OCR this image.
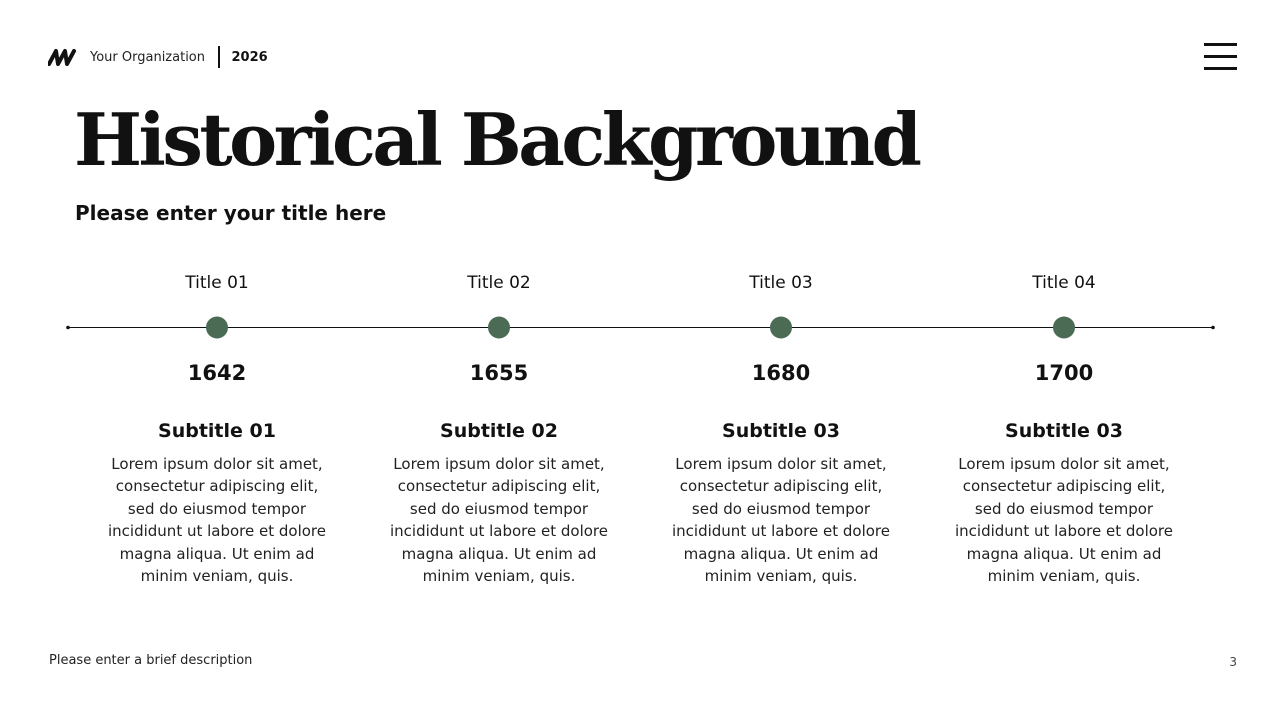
Your Organization 2026
Historical Background
Please enter your title here
Title 01
1642
Subtitle 01
Lorem ipsum dolor sit amet, consectetur adipiscing elit, sed do eiusmod tempor incididunt ut labore et dolore magna aliqua. Ut enim ad minim veniam, quis.
Title 02
1655
Subtitle 02
Lorem ipsum dolor sit amet, consectetur adipiscing elit, sed do eiusmod tempor incididunt ut labore et dolore magna aliqua. Ut enim ad minim veniam, quis.
Title 03
1680
Subtitle 03
Lorem ipsum dolor sit amet, consectetur adipiscing elit, sed do eiusmod tempor incididunt ut labore et dolore magna aliqua. Ut enim ad minim veniam, quis.
Title 04
1700
Subtitle 03
Lorem ipsum dolor sit amet, consectetur adipiscing elit, sed do eiusmod tempor incididunt ut labore et dolore magna aliqua. Ut enim ad minim veniam, quis.
Please enter a brief description	3
